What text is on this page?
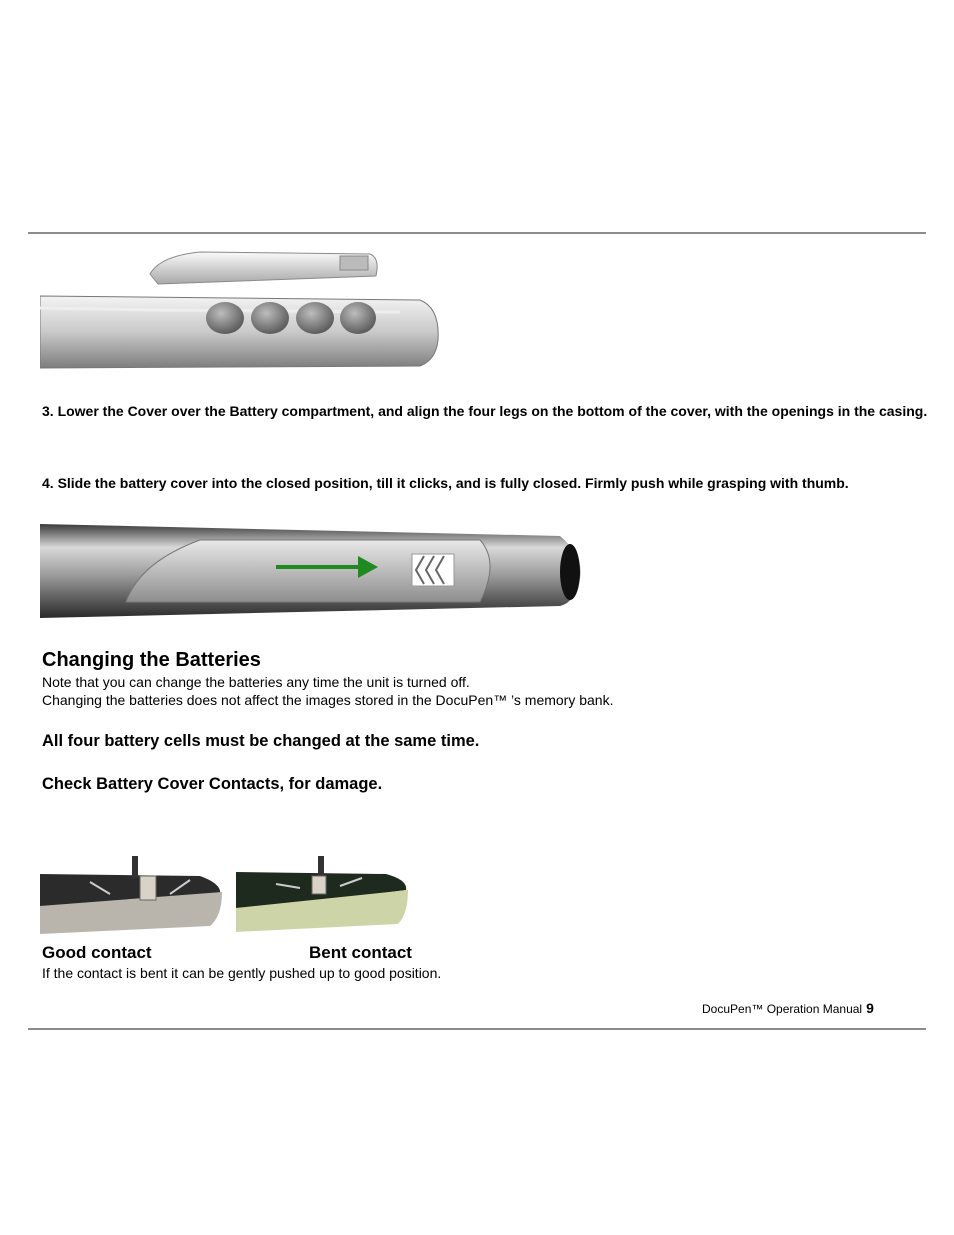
3. Lower the Cover over the Battery compartment, and align the four legs on the bottom of the cover, with the openings in the casing.
4. Slide the battery cover into the closed position, till it clicks, and is fully closed. Firmly push while grasping with thumb.
Changing the Batteries
Note that you can change the batteries any time the unit is turned off.
Changing the batteries does not affect the images stored in the DocuPen™ ’s memory bank.
All four battery cells must be changed at the same time.
Check Battery Cover Contacts, for damage.
Good contact	Bent contact
If the contact is bent it can be gently pushed up to good position.
DocuPen™ Operation Manual 9
